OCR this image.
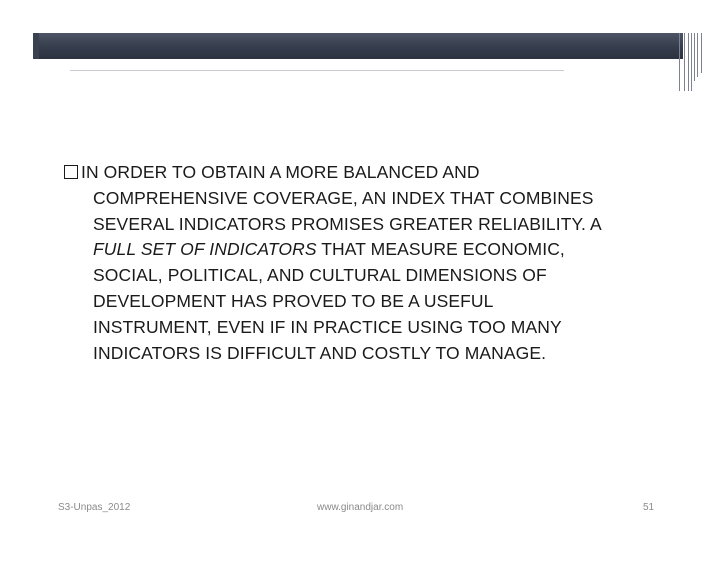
IN ORDER TO OBTAIN A MORE BALANCED AND
COMPREHENSIVE COVERAGE, AN INDEX THAT COMBINES
SEVERAL INDICATORS PROMISES GREATER RELIABILITY. A
FULL SET OF INDICATORS THAT MEASURE ECONOMIC,
SOCIAL, POLITICAL, AND CULTURAL DIMENSIONS OF
DEVELOPMENT HAS PROVED TO BE A USEFUL
INSTRUMENT, EVEN IF IN PRACTICE USING TOO MANY
INDICATORS IS DIFFICULT AND COSTLY TO MANAGE.
S3-Unpas_2012	www.ginandjar.com	51
